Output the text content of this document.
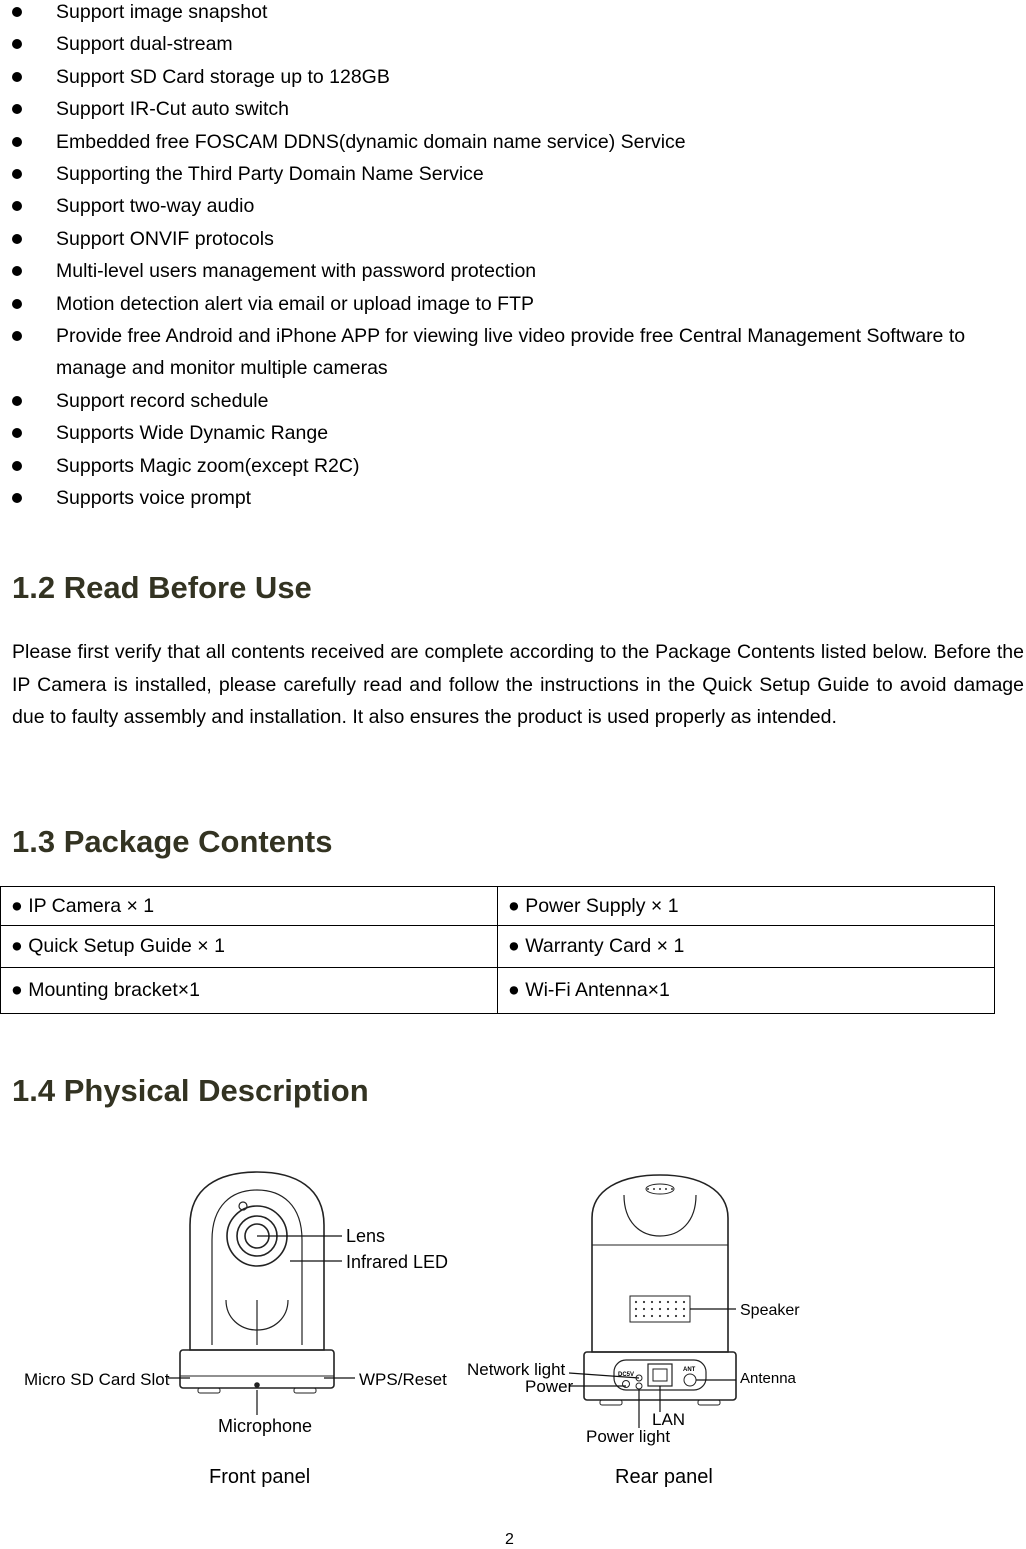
Support image snapshot
Support dual-stream
Support SD Card storage up to 128GB
Support IR-Cut auto switch
Embedded free FOSCAM DDNS(dynamic domain name service) Service
Supporting the Third Party Domain Name Service
Support two-way audio
Support ONVIF protocols
Multi-level users management with password protection
Motion detection alert via email or upload image to FTP
Provide free Android and iPhone APP for viewing live video provide free Central Management Software to manage and monitor multiple cameras
Support record schedule
Supports Wide Dynamic Range
Supports Magic zoom(except R2C)
Supports voice prompt
1.2 Read Before Use

Please first verify that all contents received are complete according to the Package Contents listed below. Before the IP Camera is installed, please carefully read and follow the instructions in the Quick Setup Guide to avoid damage due to faulty assembly and installation. It also ensures the product is used properly as intended.

1.3 Package Contents
● IP Camera × 1	● Power Supply × 1
● Quick Setup Guide × 1	● Warranty Card × 1
● Mounting bracket×1	● Wi-Fi Antenna×1
1.4 Physical Description
Lens
Infrared LED
Micro SD Card Slot	WPS/Reset
Microphone
DC5V
ANT
Speaker
Network light
Power	Antenna
LAN
Power light
Front panel	Rear panel
2
